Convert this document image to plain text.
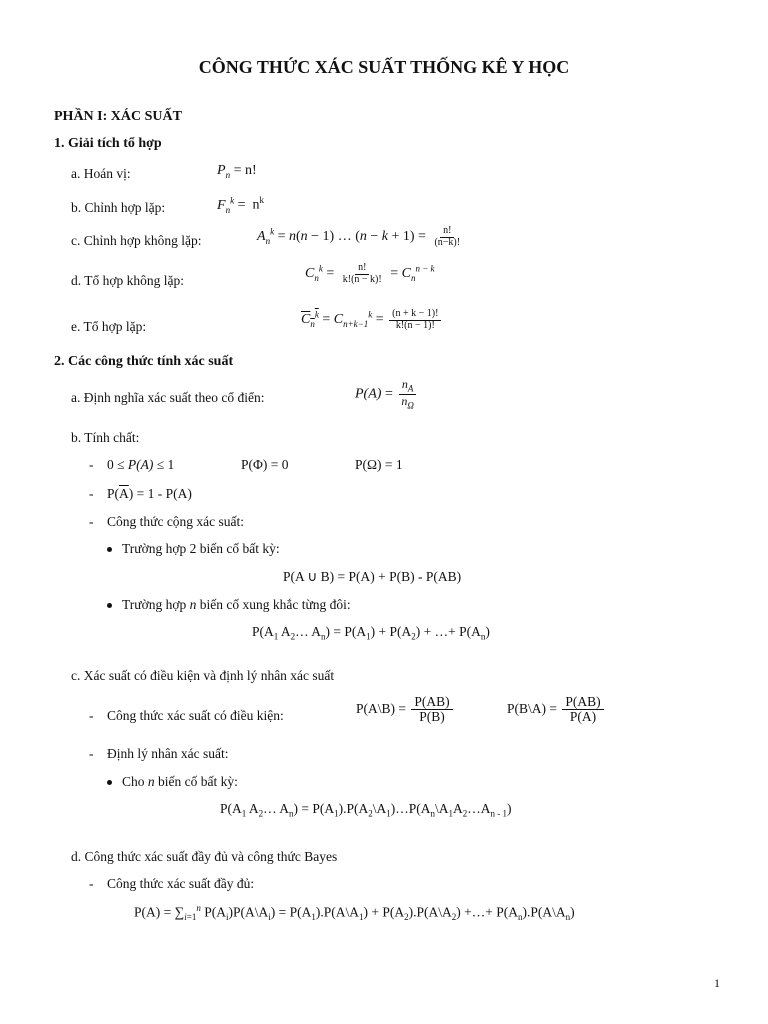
CÔNG THỨC XÁC SUẤT THỐNG KÊ Y HỌC
PHẦN I: XÁC SUẤT
1. Giải tích tổ hợp
a. Hoán vị:	$P_n = n$!
b. Chỉnh hợp lặp:	$F_n^k = n^k$
c. Chỉnh hợp không lặp:	$A_n^k = n(n - 1)$ … $(n - k + 1) = \frac{n!}{(n-k)!}$
d. Tổ hợp không lặp:	$C_n^k = \frac{n!}{k!(n - k)!} = C_n^{n - k}$
e. Tổ hợp lặp:	$C_n^k = C_{n+k-1}^k = \frac{(n + k - 1)!}{k!(n - 1)!}$
2. Các công thức tính xác suất
a. Định nghĩa xác suất theo cổ điển:	$P(A) = \frac{n_A}{n_\Omega}$
b. Tính chất:
-    0 ≤ P(A) ≤ 1	P(Φ) = 0	P(Ω) = 1
-    $P(\overline{A}) = 1 - P(A)$
-    Công thức cộng xác suất:
Trường hợp 2 biến cố bất kỳ:
P(A ∪ B) = P(A) + P(B) - P(AB)
Trường hợp n biến cố xung khắc từng đôi:
$P(A_1$ $A_2\dots$ $A_n) = P(A_1) + P(A_2)$ + …+ $P(A_n)$
c. Xác suất có điều kiện và định lý nhân xác suất
-    Công thức xác suất có điều kiện:	P(A\B) = $\frac{P(AB)}{P(B)}$	P(B\A) = $\frac{P(AB)}{P(A)}$
-    Định lý nhân xác suất:
Cho n biến cố bất kỳ:
$P(A_1$ $A_2\dots$ $A_n$) = $P(A_1).P(A_2\backslash A_1)\dots P(A_n\backslash A_1A_2\dots A_{n - 1})$
d. Công thức xác suất đầy đủ và công thức Bayes
-    Công thức xác suất đầy đủ:
$P(A) = \sum_{i=1}^n$ $P(A_i)P(A\backslash A_i)$ = $P(A_1).P(A\backslash A_1)$ + $P(A_2).P(A\backslash A_2)$ +…+ $P(A_n).P(A\backslash A_n)$
1
